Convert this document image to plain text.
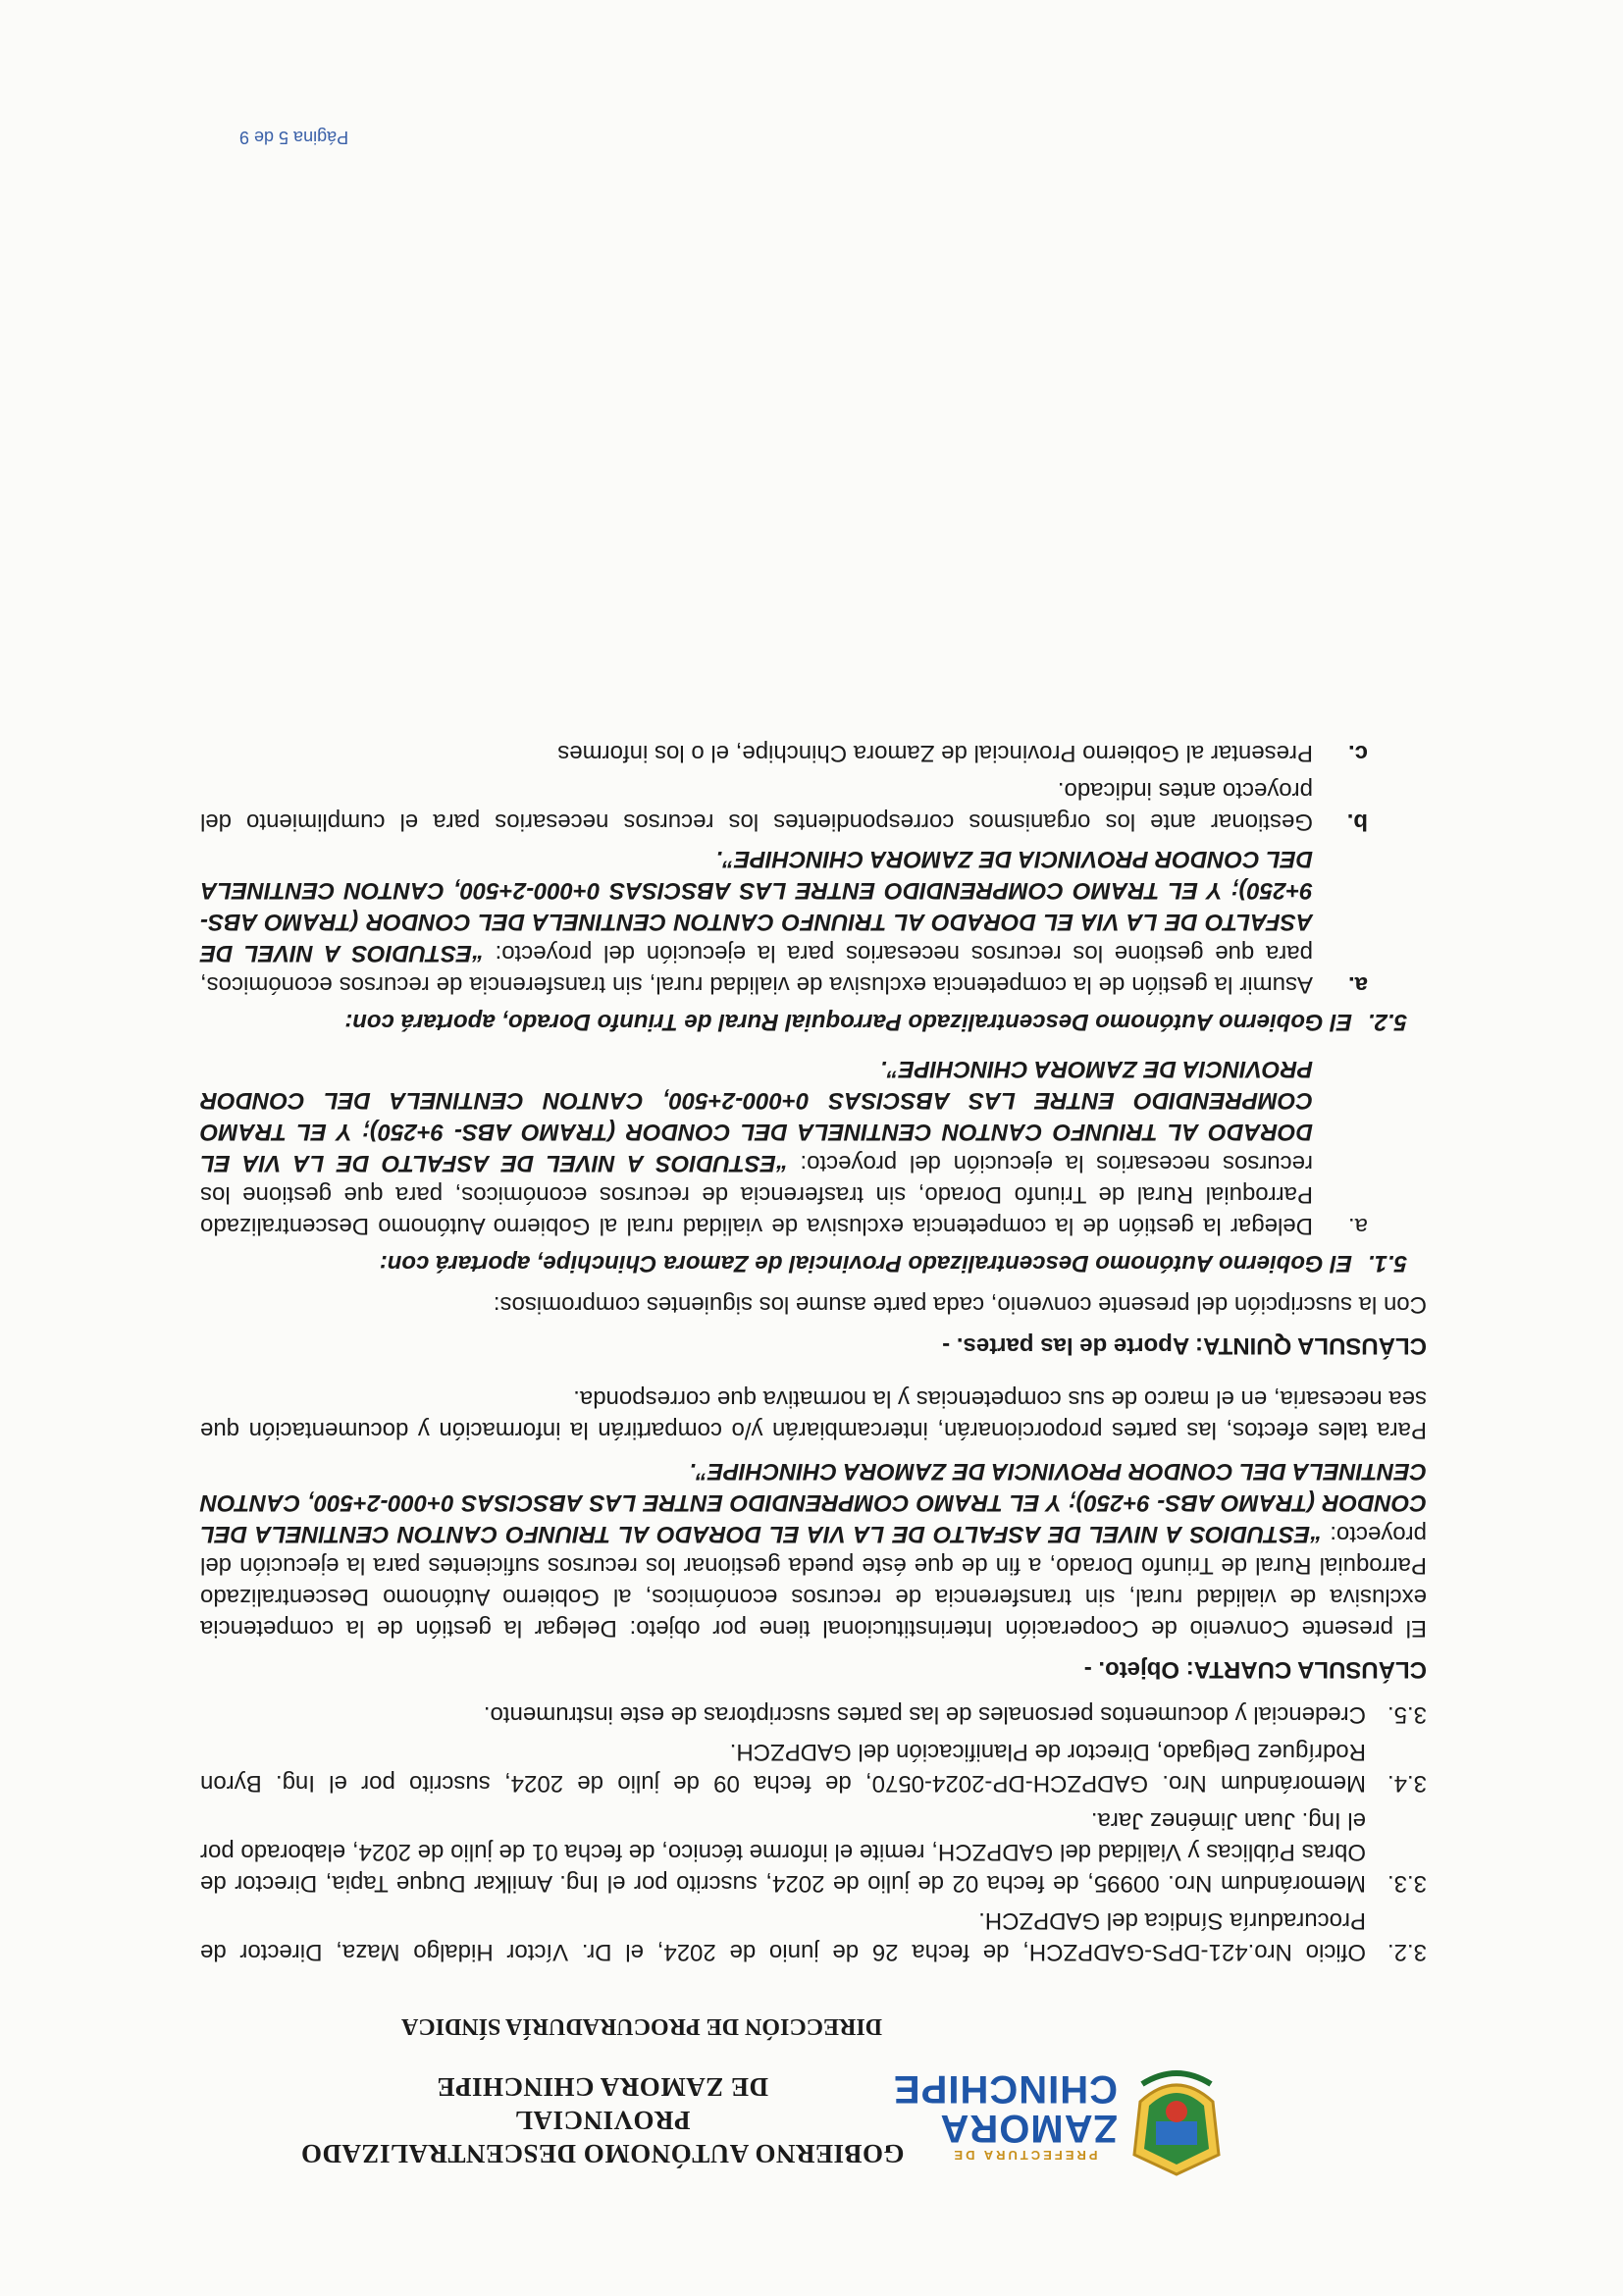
PREFECTURA DE
ZAMORA
CHINCHIPE
GOBIERNO AUTÓNOMO DESCENTRALIZADO PROVINCIAL
DE ZAMORA CHINCHIPE
DIRECCIÓN DE PROCURADURÍA SÍNDICA
3.2.
Oficio Nro.421-DPS-GADPZCH, de fecha 26 de junio de 2024, el Dr. Víctor Hidalgo Maza, Director de Procuraduría Síndica del GADPZCH.
3.3.
Memorándum Nro. 00995, de fecha 02 de julio de 2024, suscrito por el Ing. Amilkar Duque Tapia, Director de Obras Públicas y Vialidad del GADPZCH, remite el informe técnico, de fecha 01 de julio de 2024, elaborado por el Ing. Juan Jiménez Jara.
3.4.
Memorándum Nro. GADPZCH-DP-2024-0570, de fecha 09 de julio de 2024, suscrito por el Ing. Byron Rodríguez Delgado, Director de Planificación del GADPZCH.
3.5.
Credencial y documentos personales de las partes suscriptoras de este instrumento.
CLÁUSULA CUARTA: Objeto. -

El presente Convenio de Cooperación Interinstitucional tiene por objeto: Delegar la gestión de la competencia exclusiva de vialidad rural, sin transferencia de recursos económicos, al Gobierno Autónomo Descentralizado Parroquial Rural de Triunfo Dorado, a fin de que éste pueda gestionar los recursos suficientes para la ejecución del proyecto: “ESTUDIOS A NIVEL DE ASFALTO DE LA VIA EL DORADO AL TRIUNFO CANTON CENTINELA DEL CONDOR (TRAMO ABS- 9+250); Y EL TRAMO COMPRENDIDO ENTRE LAS ABSCISAS 0+000-2+500, CANTON CENTINELA DEL CONDOR PROVINCIA DE ZAMORA CHINCHIPE”.

Para tales efectos, las partes proporcionarán, intercambiarán y/o compartirán la información y documentación que sea necesaria, en el marco de sus competencias y la normativa que corresponda.

CLÁUSULA QUINTA: Aporte de las partes. -

Con la suscripción del presente convenio, cada parte asume los siguientes compromisos:

5.1.
El Gobierno Autónomo Descentralizado Provincial de Zamora Chinchipe, aportará con:
a.
Delegar la gestión de la competencia exclusiva de vialidad rural al Gobierno Autónomo Descentralizado Parroquial Rural de Triunfo Dorado, sin trasferencia de recursos económicos, para que gestione los recursos necesarios la ejecución del proyecto: “ESTUDIOS A NIVEL DE ASFALTO DE LA VIA EL DORADO AL TRIUNFO CANTON CENTINELA DEL CONDOR (TRAMO ABS- 9+250); Y EL TRAMO COMPRENDIDO ENTRE LAS ABSCISAS 0+000-2+500, CANTON CENTINELA DEL CONDOR PROVINCIA DE ZAMORA CHINCHIPE”.
5.2.
El Gobierno Autónomo Descentralizado Parroquial Rural de Triunfo Dorado, aportará con:
a.
Asumir la gestión de la competencia exclusiva de vialidad rural, sin transferencia de recursos económicos, para que gestione los recursos necesarios para la ejecución del proyecto: “ESTUDIOS A NIVEL DE ASFALTO DE LA VIA EL DORADO AL TRIUNFO CANTON CENTINELA DEL CONDOR (TRAMO ABS- 9+250); Y EL TRAMO COMPRENDIDO ENTRE LAS ABSCISAS 0+000-2+500, CANTON CENTINELA DEL CONDOR PROVINCIA DE ZAMORA CHINCHIPE”.
b.
Gestionar ante los organismos correspondientes los recursos necesarios para el cumplimiento del proyecto antes indicado.
c.
Presentar al Gobierno Provincial de Zamora Chinchipe, el o los informes
Página 5 de 9
